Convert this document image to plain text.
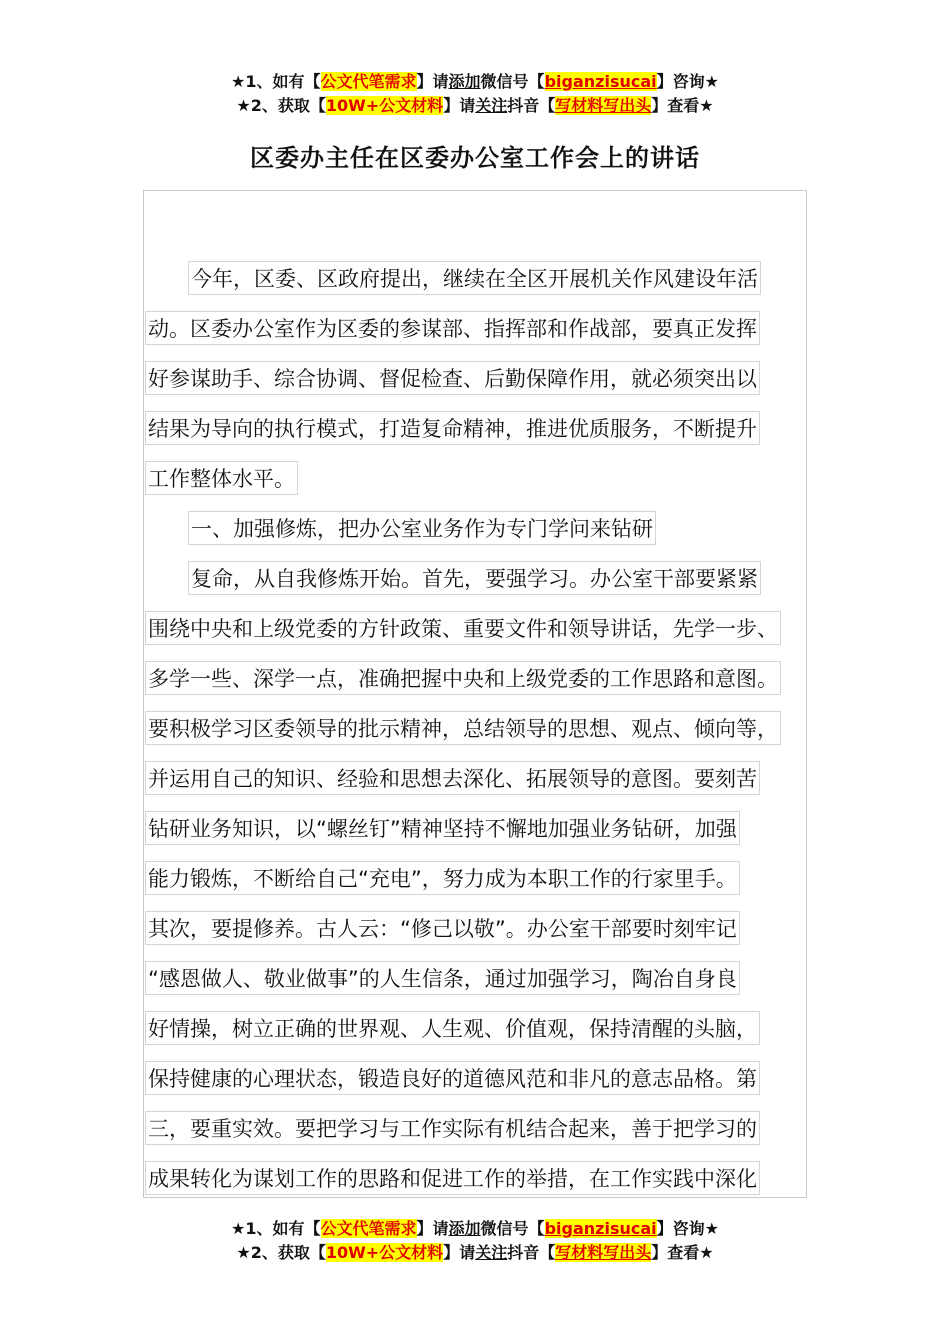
★1、如有【公文代笔需求】请添加微信号【biganzisucai】咨询★
★2、获取【10W+公文材料】请关注抖音【写材料写出头】查看★
区委办主任在区委办公室工作会上的讲话
今年，区委、区政府提出，继续在全区开展机关作风建设年活
动。区委办公室作为区委的参谋部、指挥部和作战部，要真正发挥
好参谋助手、综合协调、督促检查、后勤保障作用，就必须突出以
结果为导向的执行模式，打造复命精神，推进优质服务，不断提升
工作整体水平。
一、加强修炼，把办公室业务作为专门学问来钻研
复命，从自我修炼开始。首先，要强学习。办公室干部要紧紧
围绕中央和上级党委的方针政策、重要文件和领导讲话，先学一步、
多学一些、深学一点，准确把握中央和上级党委的工作思路和意图。
要积极学习区委领导的批示精神，总结领导的思想、观点、倾向等，
并运用自己的知识、经验和思想去深化、拓展领导的意图。要刻苦
钻研业务知识，以“螺丝钉”精神坚持不懈地加强业务钻研，加强
能力锻炼，不断给自己“充电”，努力成为本职工作的行家里手。
其次，要提修养。古人云：“修己以敬”。办公室干部要时刻牢记
“感恩做人、敬业做事”的人生信条，通过加强学习，陶冶自身良
好情操，树立正确的世界观、人生观、价值观，保持清醒的头脑，
保持健康的心理状态，锻造良好的道德风范和非凡的意志品格。第
三，要重实效。要把学习与工作实际有机结合起来，善于把学习的
成果转化为谋划工作的思路和促进工作的举措，在工作实践中深化
★1、如有【公文代笔需求】请添加微信号【biganzisucai】咨询★
★2、获取【10W+公文材料】请关注抖音【写材料写出头】查看★
